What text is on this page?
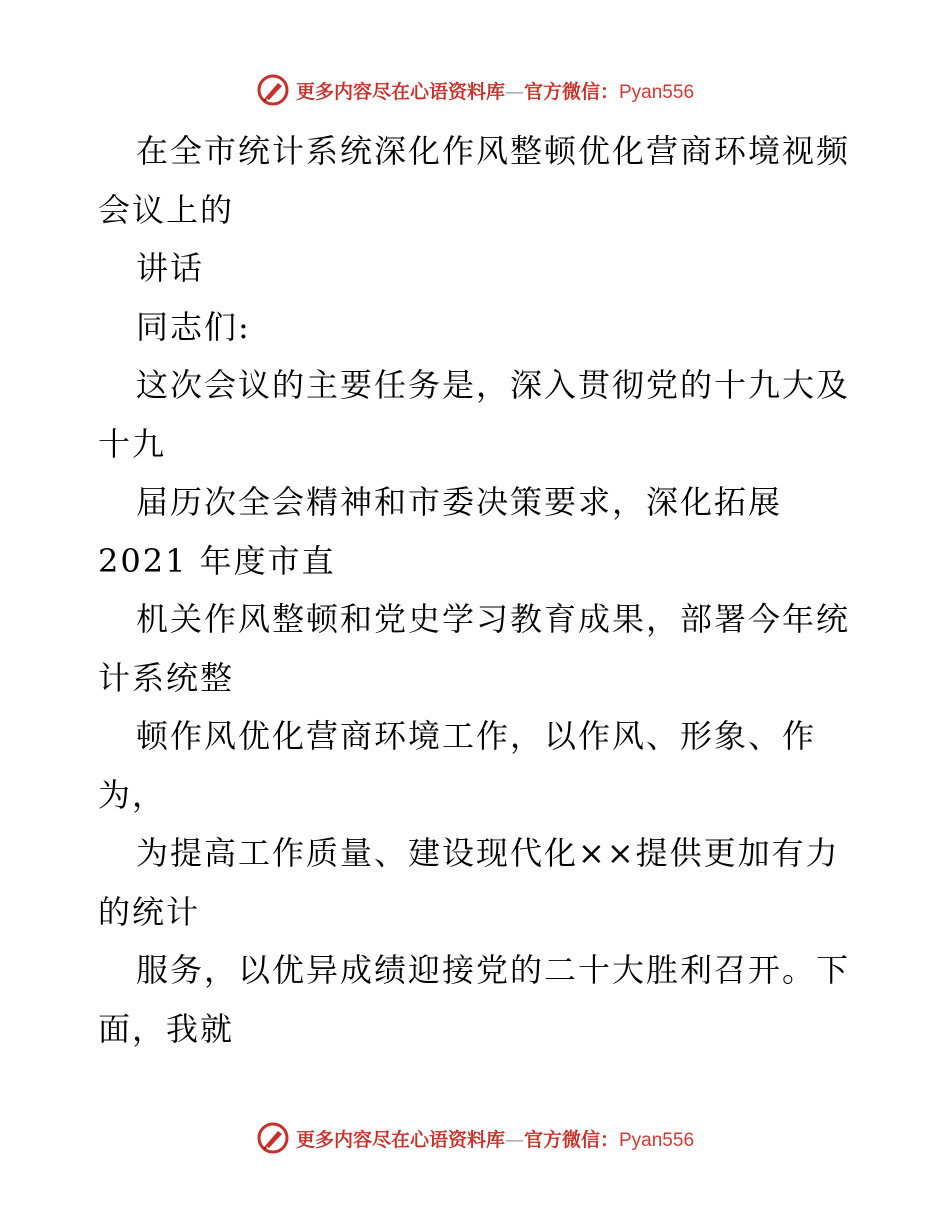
更多内容尽在心语资料库—官方微信：Pyan556
在全市统计系统深化作风整顿优化营商环境视频
会议上的
讲话
同志们:
这次会议的主要任务是，深入贯彻党的十九大及
十九
届历次全会精神和市委决策要求，深化拓展
2021 年度市直
机关作风整顿和党史学习教育成果，部署今年统
计系统整
顿作风优化营商环境工作，以作风、形象、作
为，
为提高工作质量、建设现代化××提供更加有力
的统计
服务，以优异成绩迎接党的二十大胜利召开。下
面，我就
更多内容尽在心语资料库—官方微信：Pyan556
